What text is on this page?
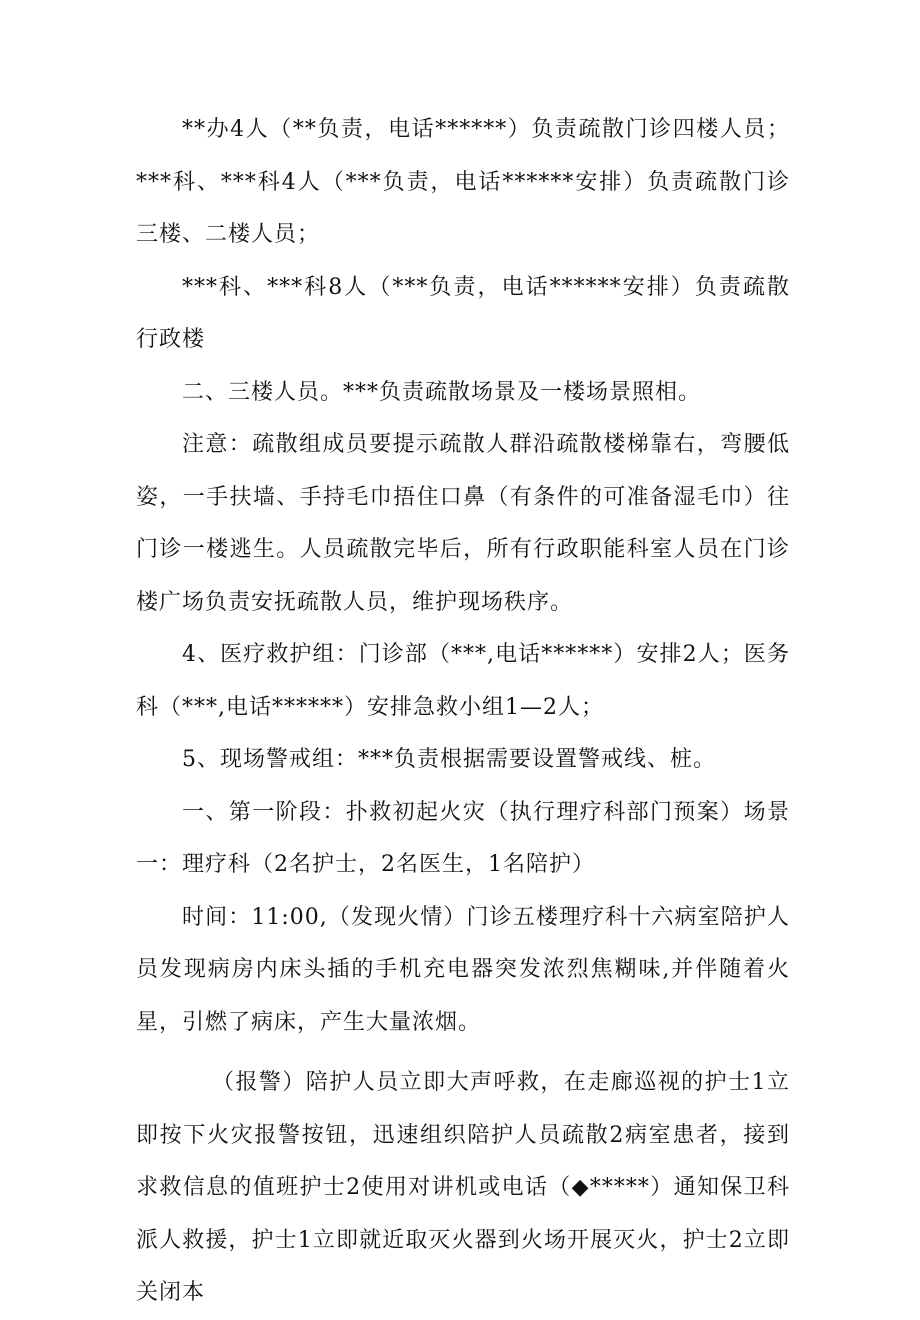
**办4人（**负责，电话******）负责疏散门诊四楼人员；***科、***科4人（***负责，电话******安排）负责疏散门诊三楼、二楼人员；

***科、***科8人（***负责，电话******安排）负责疏散行政楼

二、三楼人员。***负责疏散场景及一楼场景照相。

注意：疏散组成员要提示疏散人群沿疏散楼梯靠右，弯腰低姿，一手扶墙、手持毛巾捂住口鼻（有条件的可准备湿毛巾）往门诊一楼逃生。人员疏散完毕后，所有行政职能科室人员在门诊楼广场负责安抚疏散人员，维护现场秩序。

4、医疗救护组：门诊部（***,电话******）安排2人；医务科（***,电话******）安排急救小组1—2人；

5、现场警戒组：***负责根据需要设置警戒线、桩。

一、第一阶段：扑救初起火灾（执行理疗科部门预案）场景一：理疗科（2名护士，2名医生，1名陪护）

时间：11:00,（发现火情）门诊五楼理疗科十六病室陪护人员发现病房内床头插的手机充电器突发浓烈焦糊味,并伴随着火星，引燃了病床，产生大量浓烟。

（报警）陪护人员立即大声呼救，在走廊巡视的护士1立即按下火灾报警按钮，迅速组织陪护人员疏散2病室患者，接到求救信息的值班护士2使用对讲机或电话（◆*****）通知保卫科派人救援，护士1立即就近取灭火器到火场开展灭火，护士2立即关闭本
